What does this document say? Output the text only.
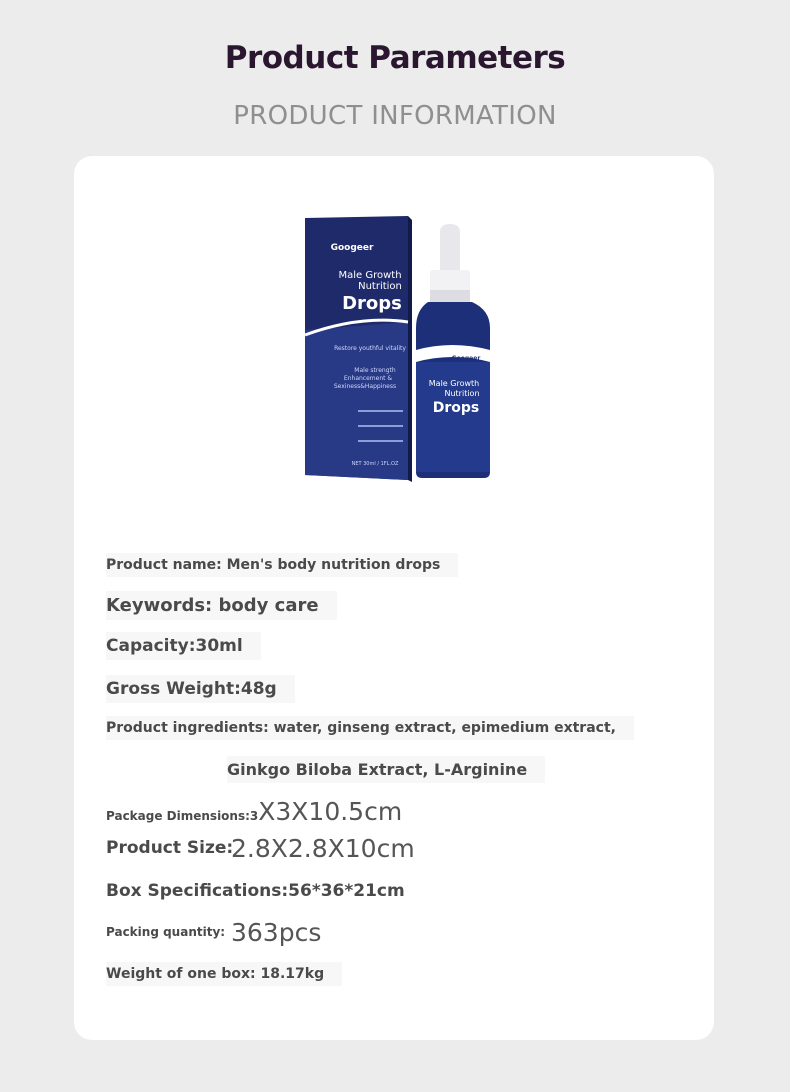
Product Parameters
PRODUCT INFORMATION
Googeer
Male Growth
Nutrition
Drops
Restore youthful vitality
Male strength
Enhancement &
Sexiness&Happiness
NET 30ml / 1FL.OZ
Googeer
Male Growth
Nutrition
Drops
Product name: Men's body nutrition drops
Keywords: body care
Capacity:30ml
Gross Weight:48g
Product ingredients: water, ginseng extract, epimedium extract,
Ginkgo Biloba Extract, L-Arginine
Package Dimensions:3X3X10.5cm
Product Size:
2.8X2.8X10cm
Box Specifications:56*36*21cm
Packing quantity: 363pcs
Weight of one box: 18.17kg
